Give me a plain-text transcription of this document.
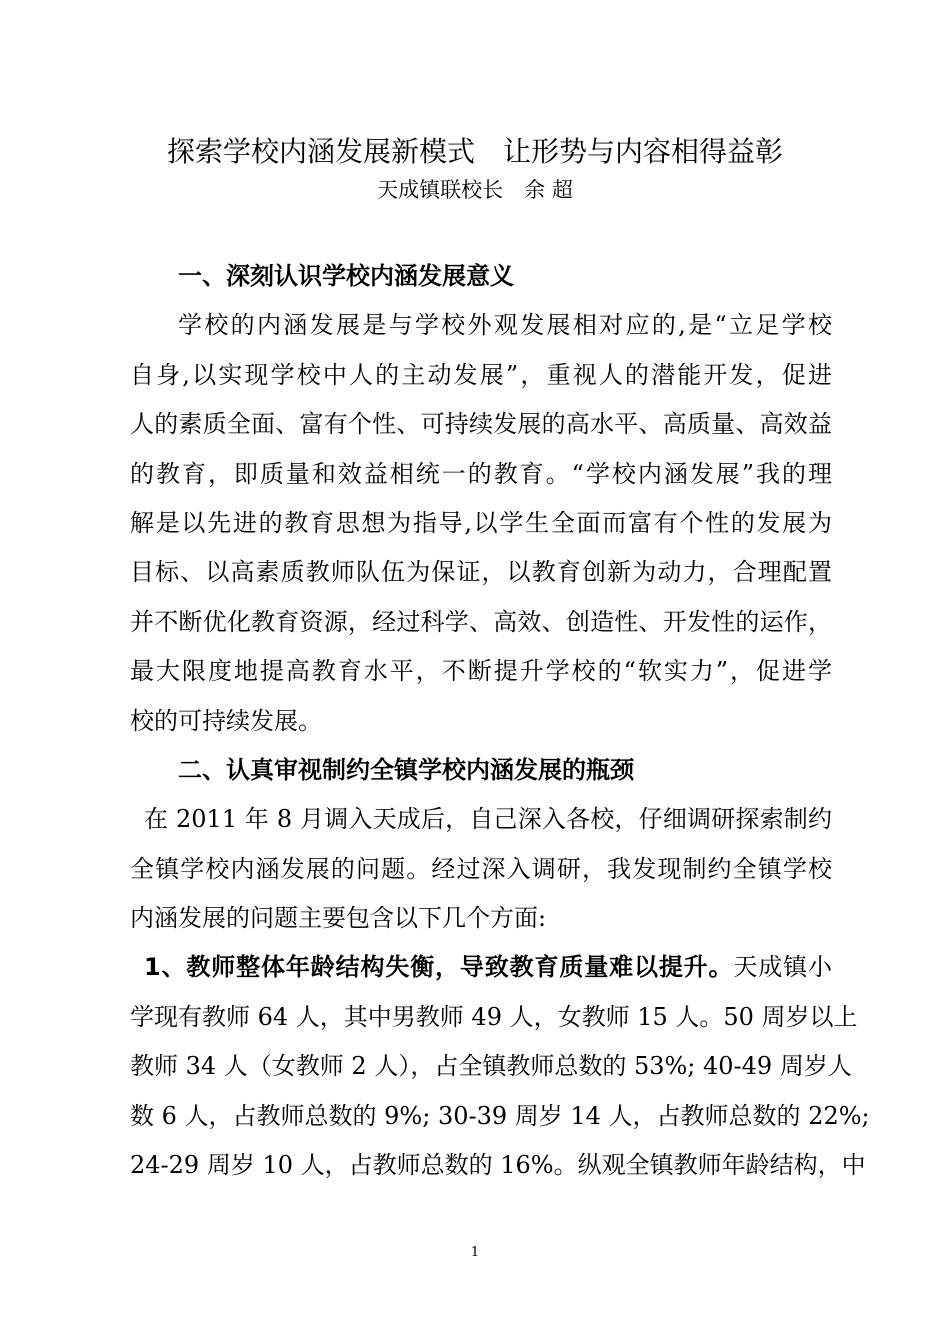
探索学校内涵发展新模式　让形势与内容相得益彰
天成镇联校长　余 超
一、深刻认识学校内涵发展意义
学校的内涵发展是与学校外观发展相对应的,是“立足学校
自身,以实现学校中人的主动发展”，重视人的潜能开发，促进
人的素质全面、富有个性、可持续发展的高水平、高质量、高效益
的教育，即质量和效益相统一的教育。“学校内涵发展”我的理
解是以先进的教育思想为指导,以学生全面而富有个性的发展为
目标、以高素质教师队伍为保证，以教育创新为动力，合理配置
并不断优化教育资源，经过科学、高效、创造性、开发性的运作，
最大限度地提高教育水平，不断提升学校的“软实力”，促进学
校的可持续发展。
二、认真审视制约全镇学校内涵发展的瓶颈
在 2011 年 8 月调入天成后，自己深入各校，仔细调研探索制约
全镇学校内涵发展的问题。经过深入调研，我发现制约全镇学校
内涵发展的问题主要包含以下几个方面:
1、教师整体年龄结构失衡，导致教育质量难以提升。天成镇小
学现有教师 64 人，其中男教师 49 人，女教师 15 人。50 周岁以上
教师 34 人（女教师 2 人），占全镇教师总数的 53%; 40-49 周岁人
数 6 人，占教师总数的 9%; 30-39 周岁 14 人，占教师总数的 22%;
24-29 周岁 10 人，占教师总数的 16%。纵观全镇教师年龄结构，中
1
